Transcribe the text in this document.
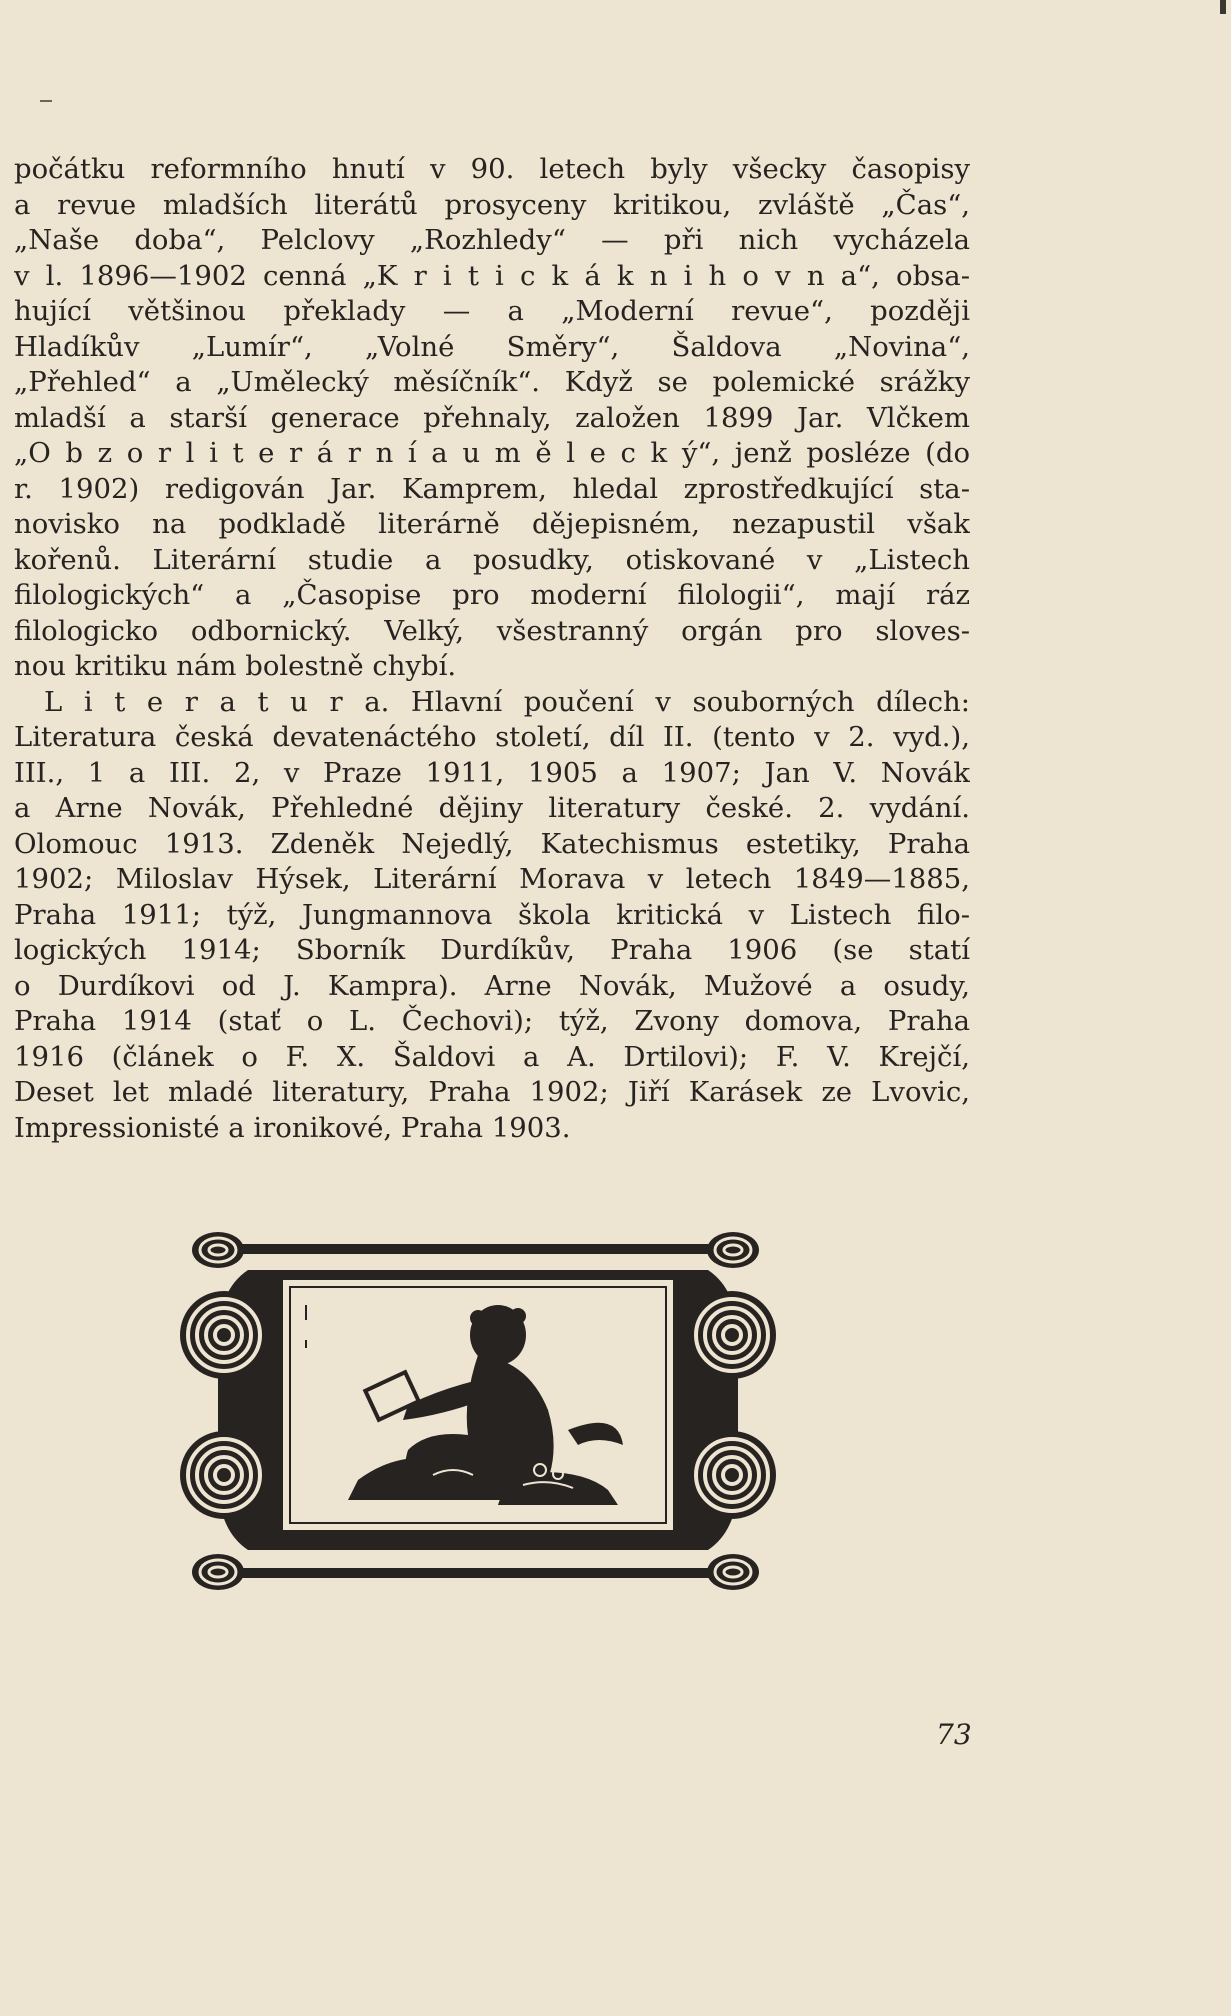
počátku reformního hnutí v 90. letech byly všecky časopisy
a revue mladších literátů prosyceny kritikou, zvláště „Čas“,
„Naše doba“, Pelclovy „Rozhledy“ — při nich vycházela
v l. 1896—1902 cenná „K r i t i c k á k n i h o v n a“, obsa-
hující většinou překlady — a „Moderní revue“, později
Hladíkův „Lumír“, „Volné Směry“, Šaldova „Novina“,
„Přehled“ a „Umělecký měsíčník“. Když se polemické srážky
mladší a starší generace přehnaly, založen 1899 Jar. Vlčkem
„O b z o r l i t e r á r n í a u m ě l e c k ý“, jenž posléze (do
r. 1902) redigován Jar. Kamprem, hledal zprostředkující sta-
novisko na podkladě literárně dějepisném, nezapustil však
kořenů. Literární studie a posudky, otiskované v „Listech
filologických“ a „Časopise pro moderní filologii“, mají ráz
filologicko odbornický. Velký, všestranný orgán pro sloves-
nou kritiku nám bolestně chybí.
L i t e r a t u r a. Hlavní poučení v souborných dílech:
Literatura česká devatenáctého století, díl II. (tento v 2. vyd.),
III., 1 a III. 2, v Praze 1911, 1905 a 1907; Jan V. Novák
a Arne Novák, Přehledné dějiny literatury české. 2. vydání.
Olomouc 1913. Zdeněk Nejedlý, Katechismus estetiky, Praha
1902; Miloslav Hýsek, Literární Morava v letech 1849—1885,
Praha 1911; týž, Jungmannova škola kritická v Listech filo-
logických 1914; Sborník Durdíkův, Praha 1906 (se statí
o Durdíkovi od J. Kampra). Arne Novák, Mužové a osudy,
Praha 1914 (stať o L. Čechovi); týž, Zvony domova, Praha
1916 (článek o F. X. Šaldovi a A. Drtilovi); F. V. Krejčí,
Deset let mladé literatury, Praha 1902; Jiří Karásek ze Lvovic,
Impressionisté a ironikové, Praha 1903.
73
